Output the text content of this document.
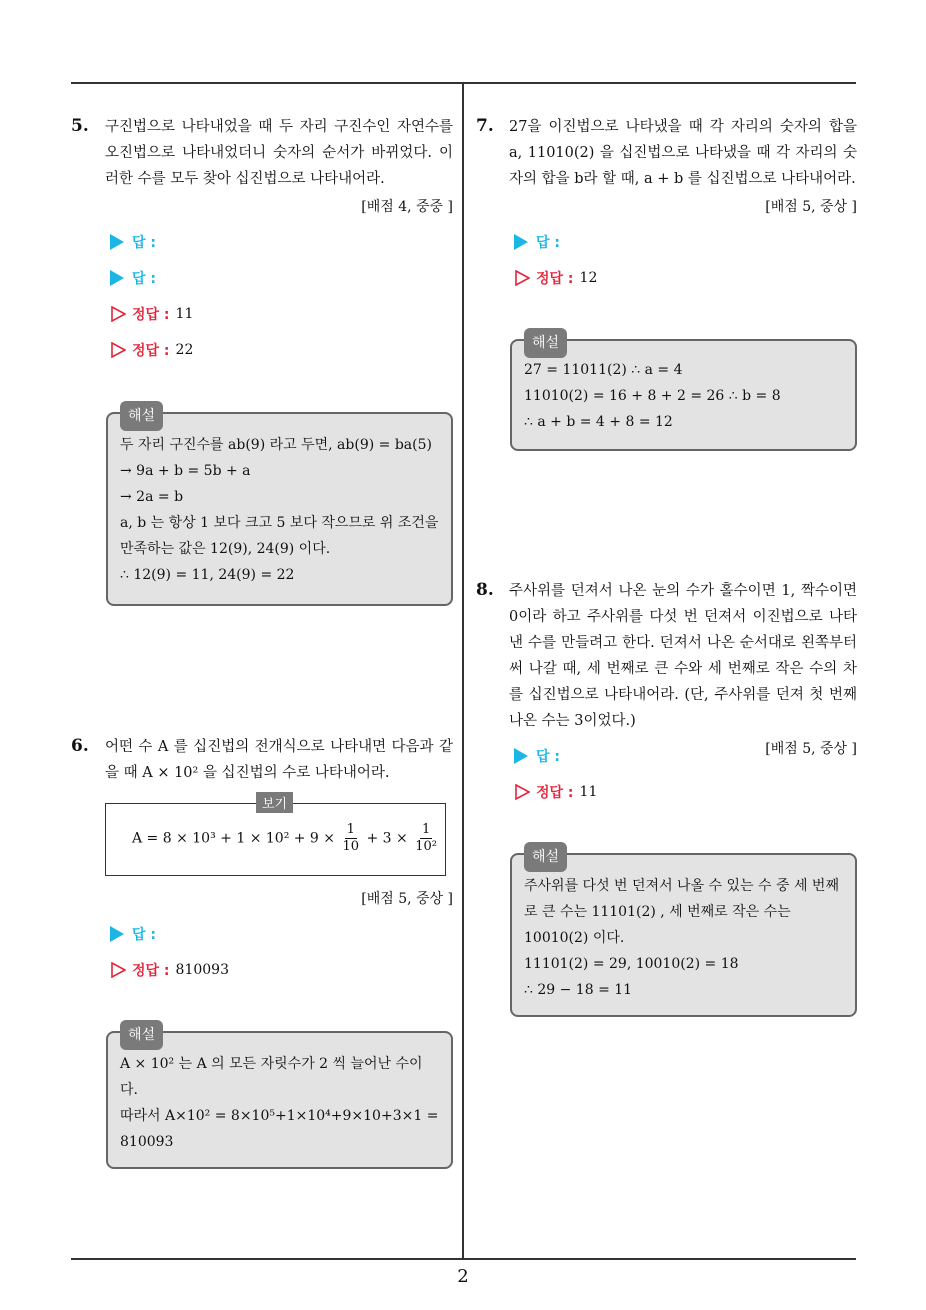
5. 구진법으로 나타내었을 때 두 자리 구진수인 자연수를 오진법으로 나타내었더니 숫자의 순서가 바뀌었다. 이러한 수를 모두 찾아 십진법으로 나타내어라.
[배점 4, 중중 ]
답 :
답 :
정답 : 11
정답 : 22
해설
두 자리 구진수를 ab(9) 라고 두면, ab(9) = ba(5)
→ 9a + b = 5b + a
→ 2a = b
a, b 는 항상 1 보다 크고 5 보다 작으므로 위 조건을 만족하는 값은 12(9), 24(9) 이다.
∴ 12(9) = 11, 24(9) = 22
6. 어떤 수 A 를 십진법의 전개식으로 나타내면 다음과 같을 때 A × 10² 을 십진법의 수로 나타내어라.
보기
$A = 8 \times 10^3 + 1 \times 10^2 + 9 \times \frac{1}{10} + 3 \times \frac{1}{\text{10²}}$
[배점 5, 중상 ]
답 :
정답 : 810093
해설
A × 10² 는 A 의 모든 자릿수가 2 씩 늘어난 수이다.
따라서 A×10² = 8×10⁵+1×10⁴+9×10+3×1 = 810093
7. 27을 이진법으로 나타냈을 때 각 자리의 숫자의 합을 a, 11010(2) 을 십진법으로 나타냈을 때 각 자리의 숫자의 합을 b라 할 때, a + b 를 십진법으로 나타내어라.
[배점 5, 중상 ]
답 :
정답 : 12
해설
27 = 11011(2) ∴ a = 4
11010(2) = 16 + 8 + 2 = 26 ∴ b = 8
∴ a + b = 4 + 8 = 12
8. 주사위를 던져서 나온 눈의 수가 홀수이면 1, 짝수이면 0이라 하고 주사위를 다섯 번 던져서 이진법으로 나타낸 수를 만들려고 한다. 던져서 나온 순서대로 왼쪽부터 써 나갈 때, 세 번째로 큰 수와 세 번째로 작은 수의 차를 십진법으로 나타내어라. (단, 주사위를 던져 첫 번째 나온 수는 3이었다.)
[배점 5, 중상 ]
답 :
정답 : 11
해설
주사위를 다섯 번 던져서 나올 수 있는 수 중 세 번째로 큰 수는 11101(2) , 세 번째로 작은 수는 10010(2) 이다.
11101(2) = 29, 10010(2) = 18
∴ 29 − 18 = 11
2
